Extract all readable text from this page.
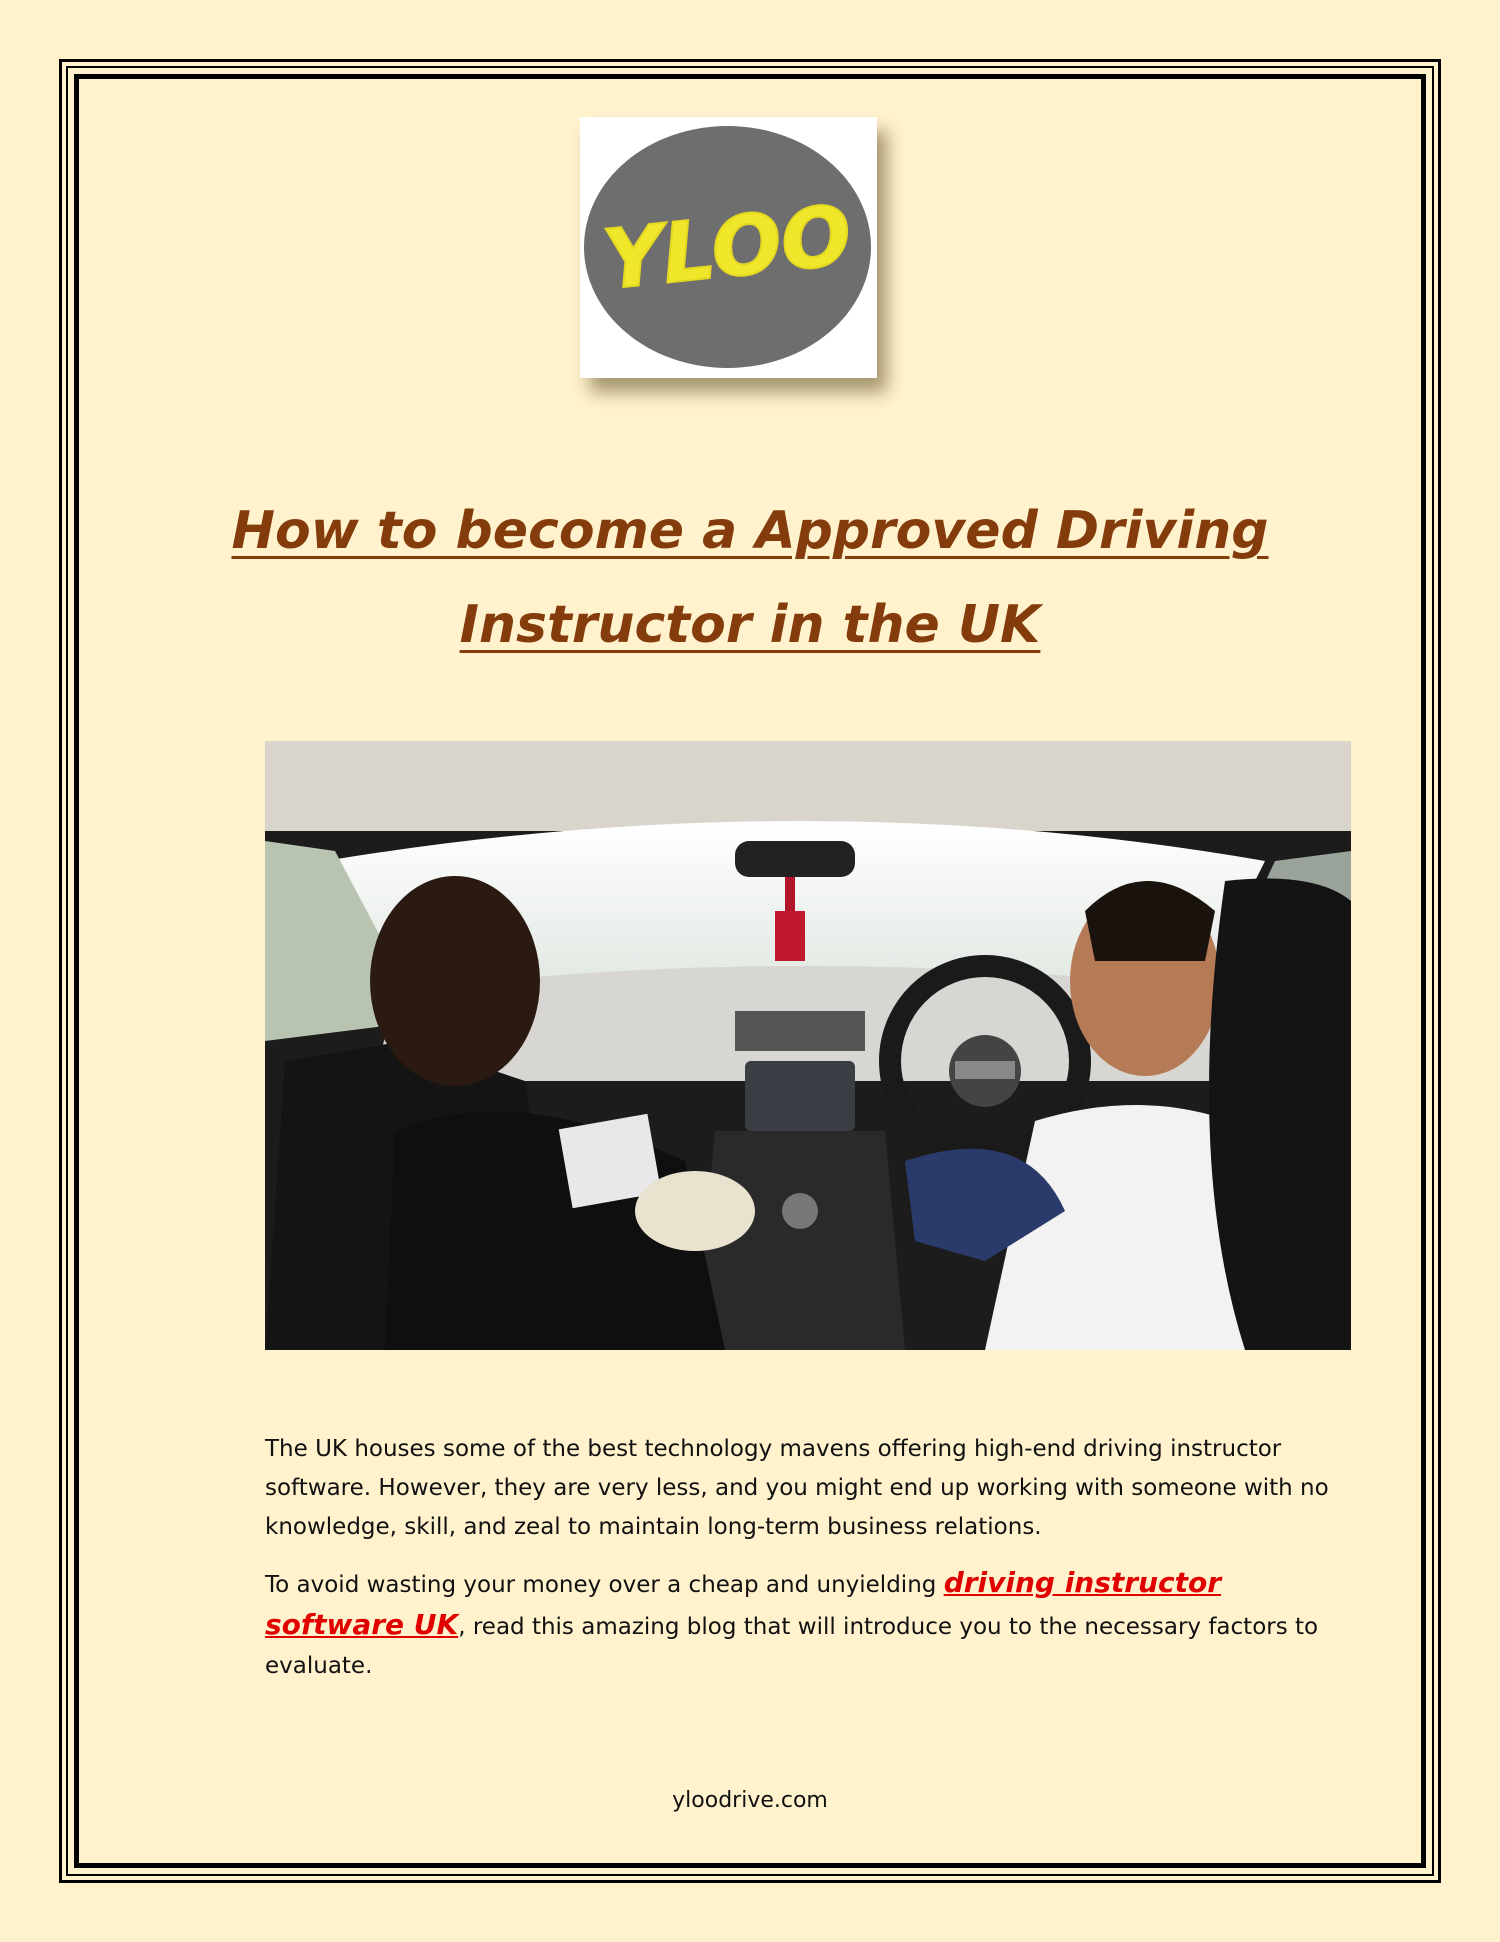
YLOO
How to become a Approved Driving Instructor in the UK

The UK houses some of the best technology mavens offering high-end driving instructor software. However, they are very less, and you might end up working with someone with no knowledge, skill, and zeal to maintain long-term business relations.

To avoid wasting your money over a cheap and unyielding driving instructor software UK, read this amazing blog that will introduce you to the necessary factors to evaluate.

yloodrive.com
